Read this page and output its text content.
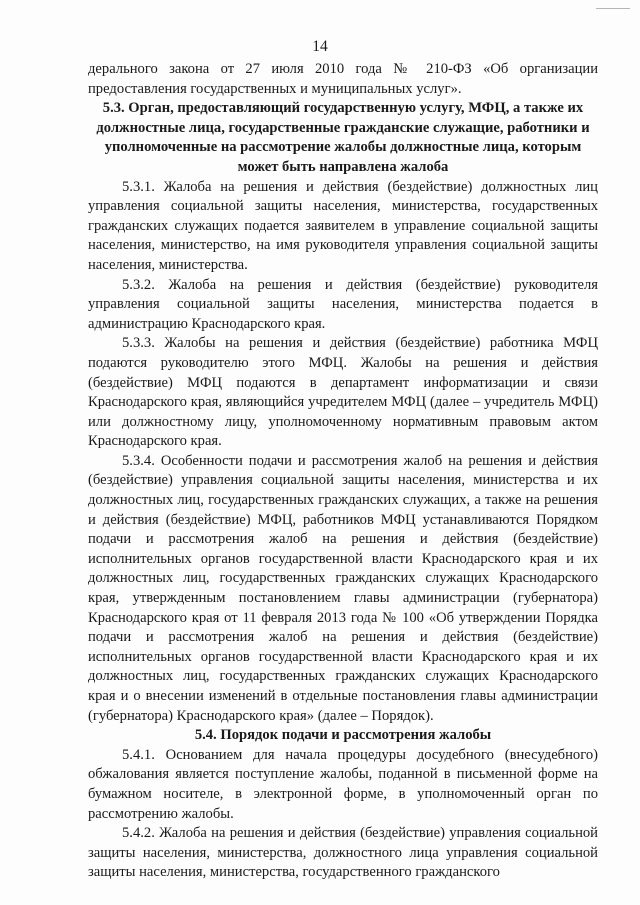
14

дерального закона от 27 июля 2010 года № 210-ФЗ «Об организации предоставления государственных и муниципальных услуг».

5.3. Орган, предоставляющий государственную услугу, МФЦ, а также их должностные лица, государственные гражданские служащие, работники и уполномоченные на рассмотрение жалобы должностные лица, которым может быть направлена жалоба

5.3.1. Жалоба на решения и действия (бездействие) должностных лиц управления социальной защиты населения, министерства, государственных гражданских служащих подается заявителем в управление социальной защиты населения, министерство, на имя руководителя управления социальной защиты населения, министерства.

5.3.2. Жалоба на решения и действия (бездействие) руководителя управления социальной защиты населения, министерства подается в администрацию Краснодарского края.

5.3.3. Жалобы на решения и действия (бездействие) работника МФЦ подаются руководителю этого МФЦ. Жалобы на решения и действия (бездействие) МФЦ подаются в департамент информатизации и связи Краснодарского края, являющийся учредителем МФЦ (далее – учредитель МФЦ) или должностному лицу, уполномоченному нормативным правовым актом Краснодарского края.

5.3.4. Особенности подачи и рассмотрения жалоб на решения и действия (бездействие) управления социальной защиты населения, министерства и их должностных лиц, государственных гражданских служащих, а также на решения и действия (бездействие) МФЦ, работников МФЦ устанавливаются Порядком подачи и рассмотрения жалоб на решения и действия (бездействие) исполнительных органов государственной власти Краснодарского края и их должностных лиц, государственных гражданских служащих Краснодарского края, утвержденным постановлением главы администрации (губернатора) Краснодарского края от 11 февраля 2013 года № 100 «Об утверждении Порядка подачи и рассмотрения жалоб на решения и действия (бездействие) исполнительных органов государственной власти Краснодарского края и их должностных лиц, государственных гражданских служащих Краснодарского края и о внесении изменений в отдельные постановления главы администрации (губернатора) Краснодарского края» (далее – Порядок).

5.4. Порядок подачи и рассмотрения жалобы

5.4.1. Основанием для начала процедуры досудебного (внесудебного) обжалования является поступление жалобы, поданной в письменной форме на бумажном носителе, в электронной форме, в уполномоченный орган по рассмотрению жалобы.

5.4.2. Жалоба на решения и действия (бездействие) управления социальной защиты населения, министерства, должностного лица управления социальной защиты населения, министерства, государственного гражданского
